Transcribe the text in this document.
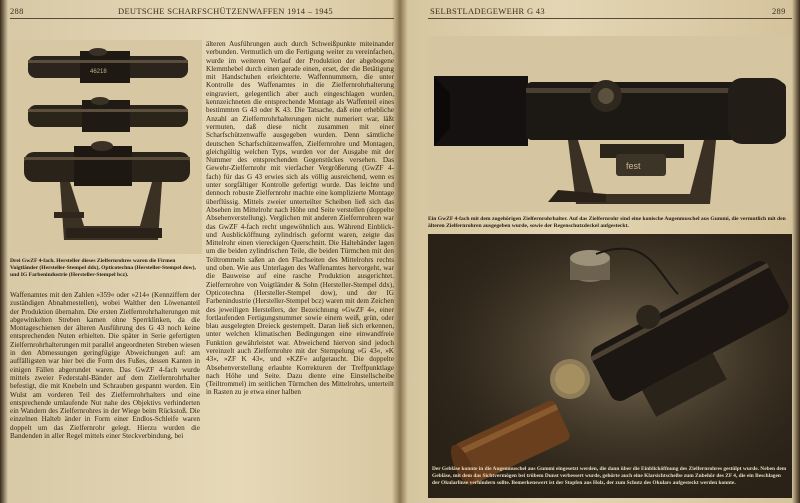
288	DEUTSCHE SCHARFSCHÜTZENWAFFEN 1914 – 1945
46218
Drei GwZF 4-fach. Hersteller dieses Zielfernrohres waren die Firmen Voigtländer (Hersteller-Stempel ddx), Opticotechna (Hersteller-Stempel dow), und IG Farbenindustrie (Hersteller-Stempel bcz).
Waffenamtes mit den Zahlen »359« oder »214« (Kennziffern der zuständigen Abnahmestellen), wobei Walther den Löwenanteil der Produktion übernahm. Die ersten Zielfernrohrhalterungen mit abgewinkelten Streben kamen ohne Sperrklinken, da die Montageschienen der älteren Ausführung des G 43 noch keine entsprechenden Nuten erhielten. Die später in Serie gefertigten Zielfernrohrhalterungen mit parallel angeordneten Streben wiesen in den Abmessungen geringfügige Abweichungen auf: am auffälligsten war hier bei die Form des Fußes, dessen Kanten in einigen Fällen abgerundet waren. Das GwZF 4-fach wurde mittels zweier Federstahl-Bänder auf dem Zielfernrohrhalter befestigt, die mit Knebeln und Schrauben gespannt wurden. Ein Wulst am vorderen Teil des Zielfernrohrhalters und eine entsprechende umlaufende Nut nahe des Objektivs verhinderten ein Wandern des Zielfernrohres in der Wiege beim Rückstoß. Die einzelnen Halteb änder in Form einer Endlos-Schleife waren doppelt um das Zielfernrohr gelegt. Hierzu wurden die Bandenden in aller Regel mittels einer Steckverbindung, bei
älteren Ausführungen auch durch Schweißpunkte miteinander verbunden. Vermutlich um die Fertigung weiter zu vereinfachen, wurde im weiteren Verlauf der Produktion der abgebogene Klemmhebel durch einen gerade einen, erset, der die Betätigung mit Handschuhen erleichterte. Waffennummern, die unter Kontrolle des Waffenamtes in die Zielfernrohrhalterung eingraviert, gelegentlich aber auch eingeschlagen wurden, kennzeichneten die entsprechende Montage als Waffenteil eines bestimmten G 43 oder K 43. Die Tatsache, daß eine erhebliche Anzahl an Zielfernrohrhalterungen nicht numeriert war, läßt vermuten, daß diese nicht zusammen mit einer Scharfschützenwaffe ausgegeben wurden. Denn sämtliche deutschen Scharfschützenwaffen, Zielfernrohre und Montagen, gleichgültig welchen Typs, wurden vor der Ausgabe mit der Nummer des entsprechenden Gegenstückes versehen. Das Gewehr-Zielfernrohr mit vierfacher Vergrößerung (GwZF 4-fach) für das G 43 erwies sich als völlig ausreichend, wenn es unter sorgfältiger Kontrolle gefertigt wurde. Das leichte und dennoch robuste Zielfernrohr machte eine komplizierte Montage überflüssig. Mittels zweier unterteilter Scheiben ließ sich das Absehen im Mittelrohr nach Höhe und Seite verstellen (doppelte Absehenverstellung). Verglichen mit anderen Zielfernrohren war das GwZF 4-fach recht ungewöhnlich aus. Während Einblick- und Ausblicköffnung zylindrisch geformt waren, zeigte das Mittelrohr einen viereckigen Querschnitt. Die Haltebänder lagen um die beiden zylindrischen Teile, die beiden Türmchen mit den Teiltrommeln saßen an den Flachseiten des Mittelrohrs rechts und oben. Wie aus Unterlagen des Waffenamtes hervorgeht, war die Bauweise auf eine rasche Produktion ausgerichtet. Zielfernrohre von Voigtländer & Sohn (Hersteller-Stempel ddx), Opticotechna (Hersteller-Stempel dow), und der IG Farbenindustrie (Hersteller-Stempel bcz) waren mit dem Zeichen des jeweiligen Herstellers, der Bezeichnung »GwZF 4«, einer fortlaufenden Fertigungsnummer sowie einem weiß, grün, oder blau ausgelegten Dreieck gestempelt. Daran ließ sich erkennen, unter welchen klimatischen Bedingungen eine einwandfreie Funktion gewährleistet war. Abweichend hiervon sind jedoch vereinzelt auch Zielfernrohre mit der Stempelung »G 43«, »K 43«, »ZF K 43«, und »KZF« aufgetaucht. Die doppelte Absehenverstellung erlaubte Korrekturen der Treffpunktlage nach Höhe und Seite. Dazu diente eine Einstellscheibe (Teiltrommel) im seitlichen Türmchen des Mittelrohrs, unterteilt in Rasten zu je etwa einer halben
SELBSTLADEGEWEHR G 43	289
fest
Ein GwZF 4-fach mit dem zugehörigen Zielfernrohrhalter. Auf das Zielfernrohr sind eine konische Augenmuschel aus Gummi, die vermutlich mit den älteren Zielfernrohren ausgegeben wurde, sowie der Regenschutzdeckel aufgesteckt.
Der Gebläse konnte in die Augenmuschel aus Gummi eingesetzt werden, die dann über die Einblicköffnung des Zielfernrohres gestülpt wurde. Neben dem Gebläse, mit dem das Sichtvermögen bei trübem Dunst verbessert wurde, gehörte auch eine Klarsichtscheibe zum Zubehör des ZF 4, die ein Beschlagen der Okularlinse verhindern sollte. Bemerkenswert ist der Stopfen aus Holz, der zum Schutz des Okulars aufgesteckt werden konnte.
